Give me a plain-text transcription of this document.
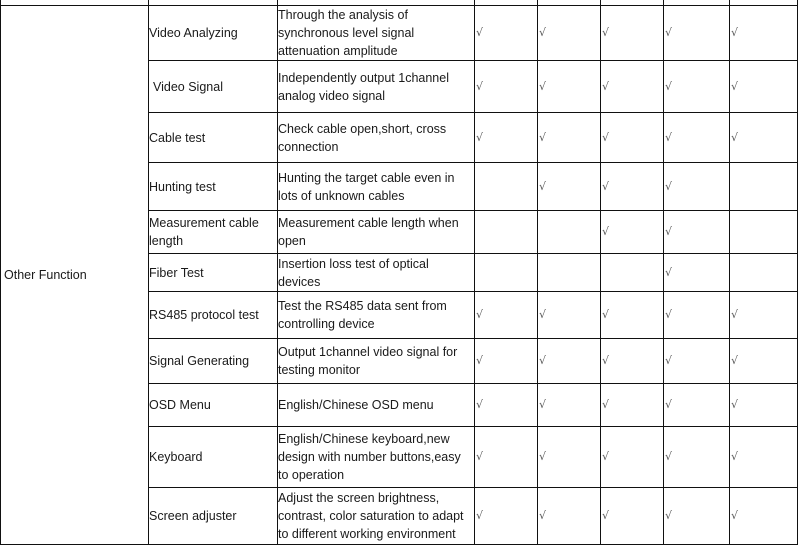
Other Function	Video Analyzing	Through the analysis of synchronous level signal attenuation amplitude	√	√	√	√	√
	Video Signal	Independently output 1channel analog video signal	√	√	√	√	√
	Cable test	Check cable open,short, cross connection	√	√	√	√	√
	Hunting test	Hunting the target cable even in lots of unknown cables		√	√	√	
	Measurement cable length	Measurement cable length when open			√	√	
	Fiber Test	Insertion loss test of optical devices				√	
	RS485 protocol test	Test the RS485 data sent from controlling device	√	√	√	√	√
	Signal Generating	Output 1channel video signal for testing monitor	√	√	√	√	√
	OSD Menu	English/Chinese OSD menu	√	√	√	√	√
	Keyboard	English/Chinese keyboard,new design with number buttons,easy to operation	√	√	√	√	√
	Screen adjuster	Adjust the screen brightness, contrast, color saturation to adapt to different working environment	√	√	√	√	√
